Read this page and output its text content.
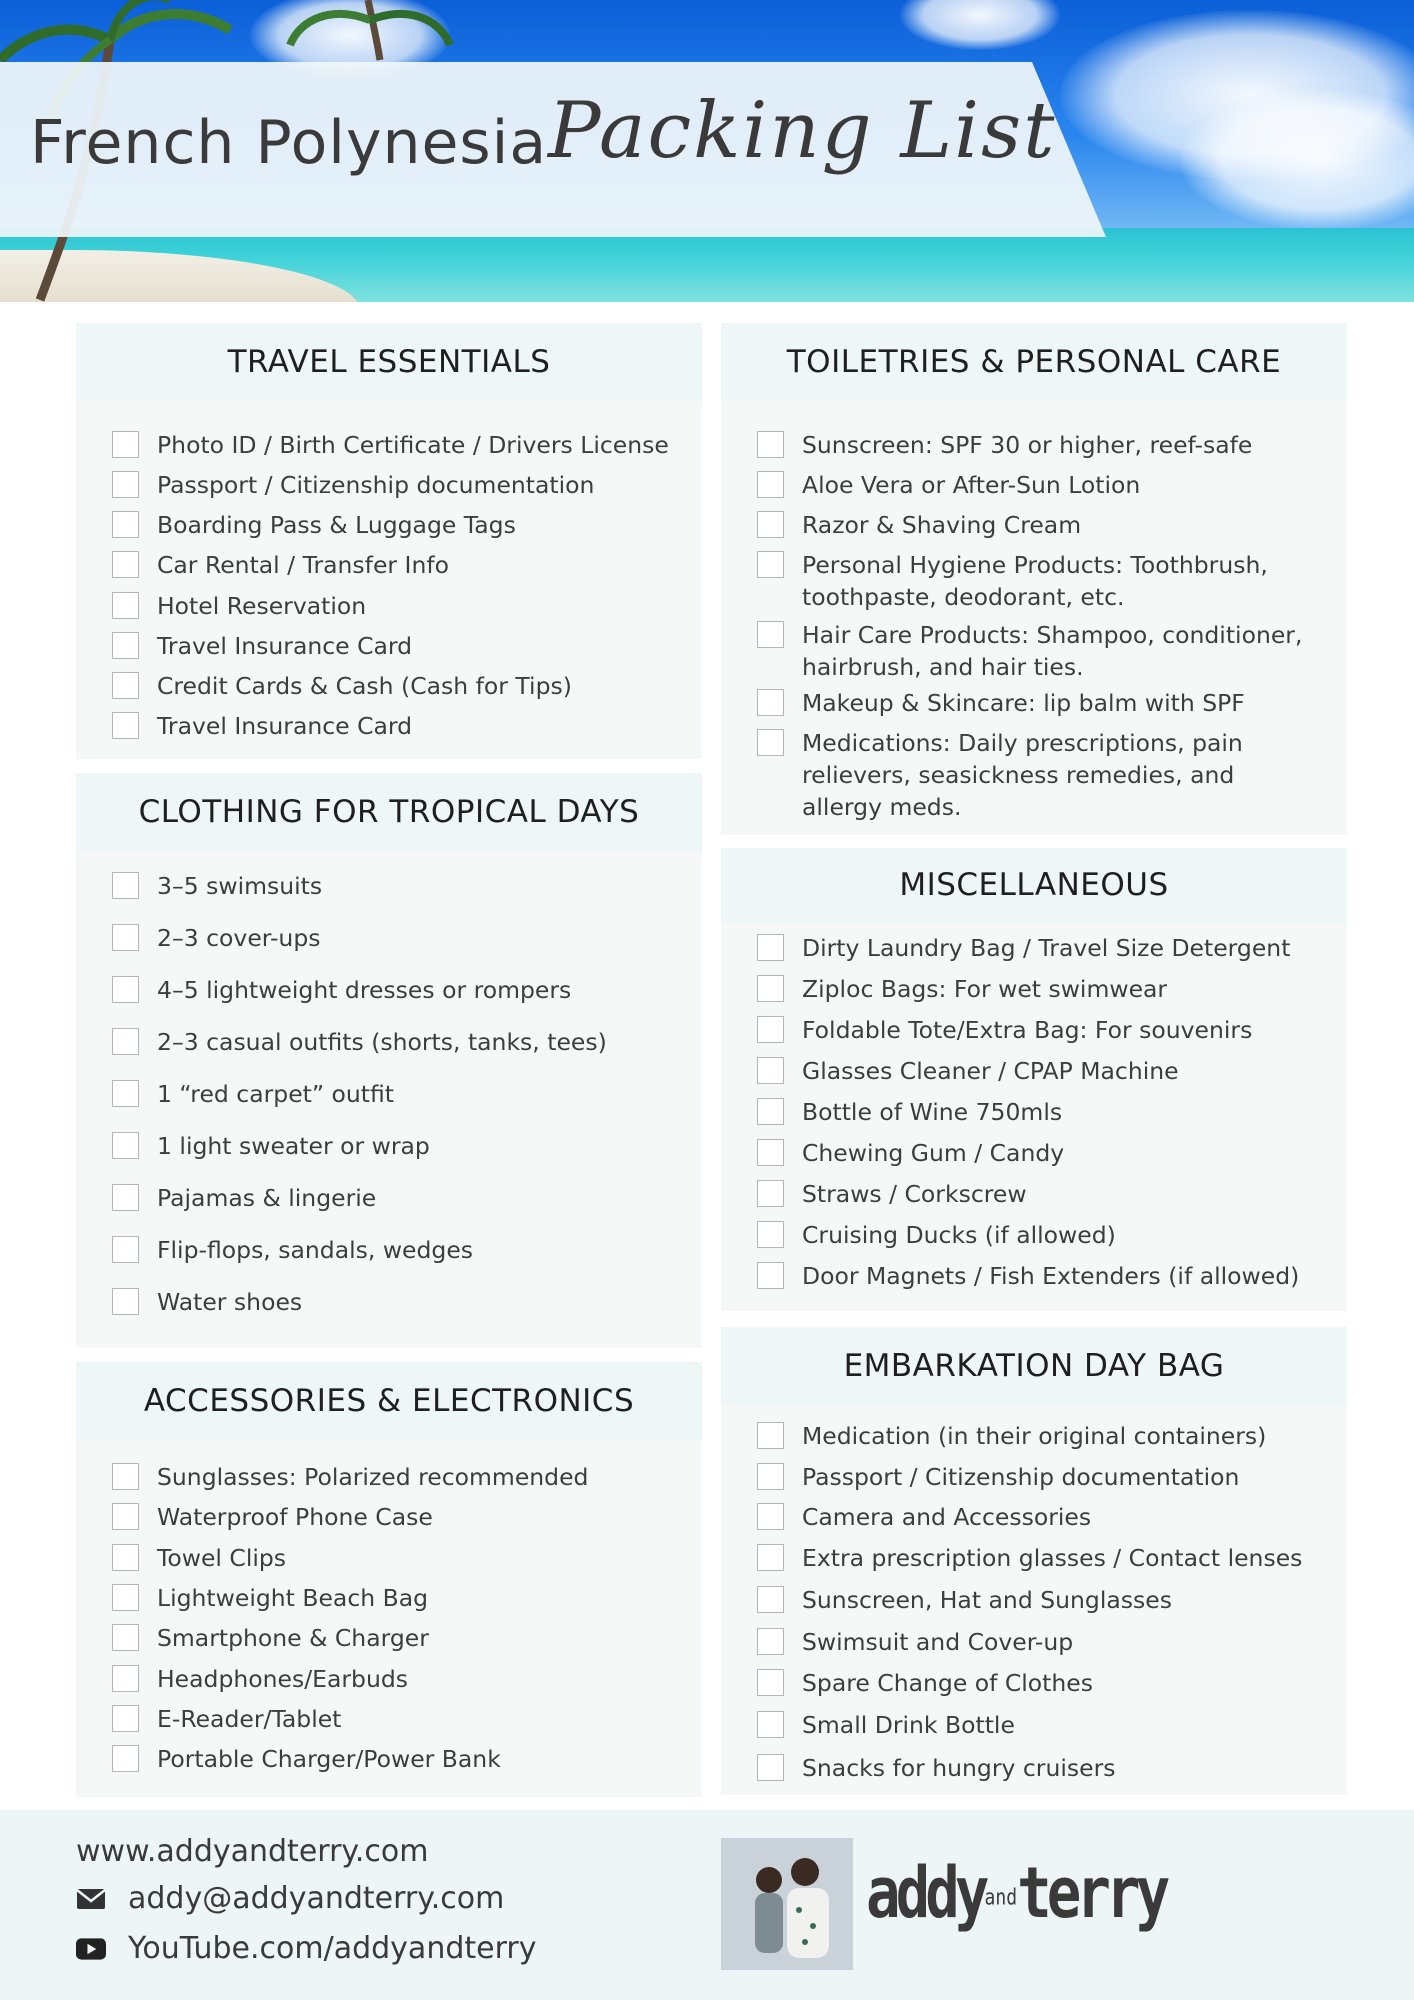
French Polynesia Packing List
TRAVEL ESSENTIALS
Photo ID / Birth Certificate / Drivers License
Passport / Citizenship documentation
Boarding Pass & Luggage Tags
Car Rental / Transfer Info
Hotel Reservation
Travel Insurance Card
Credit Cards & Cash (Cash for Tips)
Travel Insurance Card
TOILETRIES & PERSONAL CARE
Sunscreen: SPF 30 or higher, reef-safe
Aloe Vera or After-Sun Lotion
Razor & Shaving Cream
Personal Hygiene Products: Toothbrush, toothpaste, deodorant, etc.
Hair Care Products: Shampoo, conditioner, hairbrush, and hair ties.
Makeup & Skincare: lip balm with SPF
Medications: Daily prescriptions, pain relievers, seasickness remedies, and allergy meds.
CLOTHING FOR TROPICAL DAYS
3–5 swimsuits
2–3 cover-ups
4–5 lightweight dresses or rompers
2–3 casual outfits (shorts, tanks, tees)
1 “red carpet” outfit
1 light sweater or wrap
Pajamas & lingerie
Flip-flops, sandals, wedges
Water shoes
MISCELLANEOUS
Dirty Laundry Bag / Travel Size Detergent
Ziploc Bags: For wet swimwear
Foldable Tote/Extra Bag: For souvenirs
Glasses Cleaner / CPAP Machine
Bottle of Wine 750mls
Chewing Gum / Candy
Straws / Corkscrew
Cruising Ducks (if allowed)
Door Magnets / Fish Extenders (if allowed)
ACCESSORIES & ELECTRONICS
Sunglasses: Polarized recommended
Waterproof Phone Case
Towel Clips
Lightweight Beach Bag
Smartphone & Charger
Headphones/Earbuds
E-Reader/Tablet
Portable Charger/Power Bank
EMBARKATION DAY BAG
Medication (in their original containers)
Passport / Citizenship documentation
Camera and Accessories
Extra prescription glasses / Contact lenses
Sunscreen, Hat and Sunglasses
Swimsuit and Cover-up
Spare Change of Clothes
Small Drink Bottle
Snacks for hungry cruisers
www.addyandterry.com
addy@addyandterry.com
YouTube.com/addyandterry
addyandterry
